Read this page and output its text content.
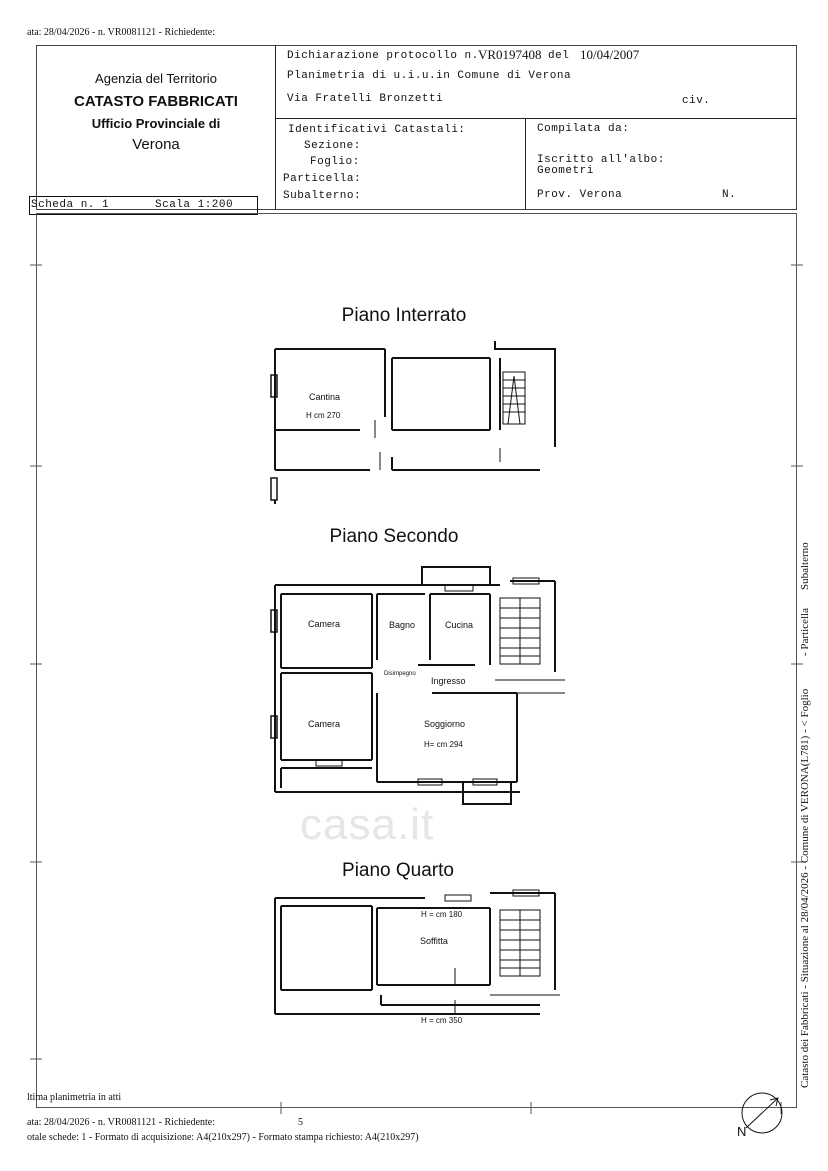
ata: 28/04/2026 - n. VR0081121 - Richiedente:
Agenzia del Territorio
CATASTO FABBRICATI
Ufficio Provinciale di
Verona
Dichiarazione protocollo n. VR0197408 del 10/04/2007
Planimetria di u.i.u.in Comune di Verona
Via Fratelli Bronzetti	civ.
Identificativi Catastali:
Sezione:
Foglio:
Particella:
Subalterno:
Compilata da:
Iscritto all'albo:
Geometri
Prov. Verona	N.
Scheda n. 1	Scala 1:200
casa.it
Piano Interrato
Piano Secondo
Piano Quarto
Cantina
H cm 270
Camera	Bagno	Cucina
Disimpegno
Ingresso
Camera	Soggiorno
H= cm 294
H = cm 180
Soffitta
H = cm 350
ltima planimetria in atti
ata: 28/04/2026 - n. VR0081121 - Richiedente:	5
otale schede: 1 - Formato di acquisizione: A4(210x297) - Formato stampa richiesto: A4(210x297)	N
Catasto dei Fabbricati - Situazione al 28/04/2026 - Comune di VERONA(L781) - < Foglio
- Particella
Subalterno
